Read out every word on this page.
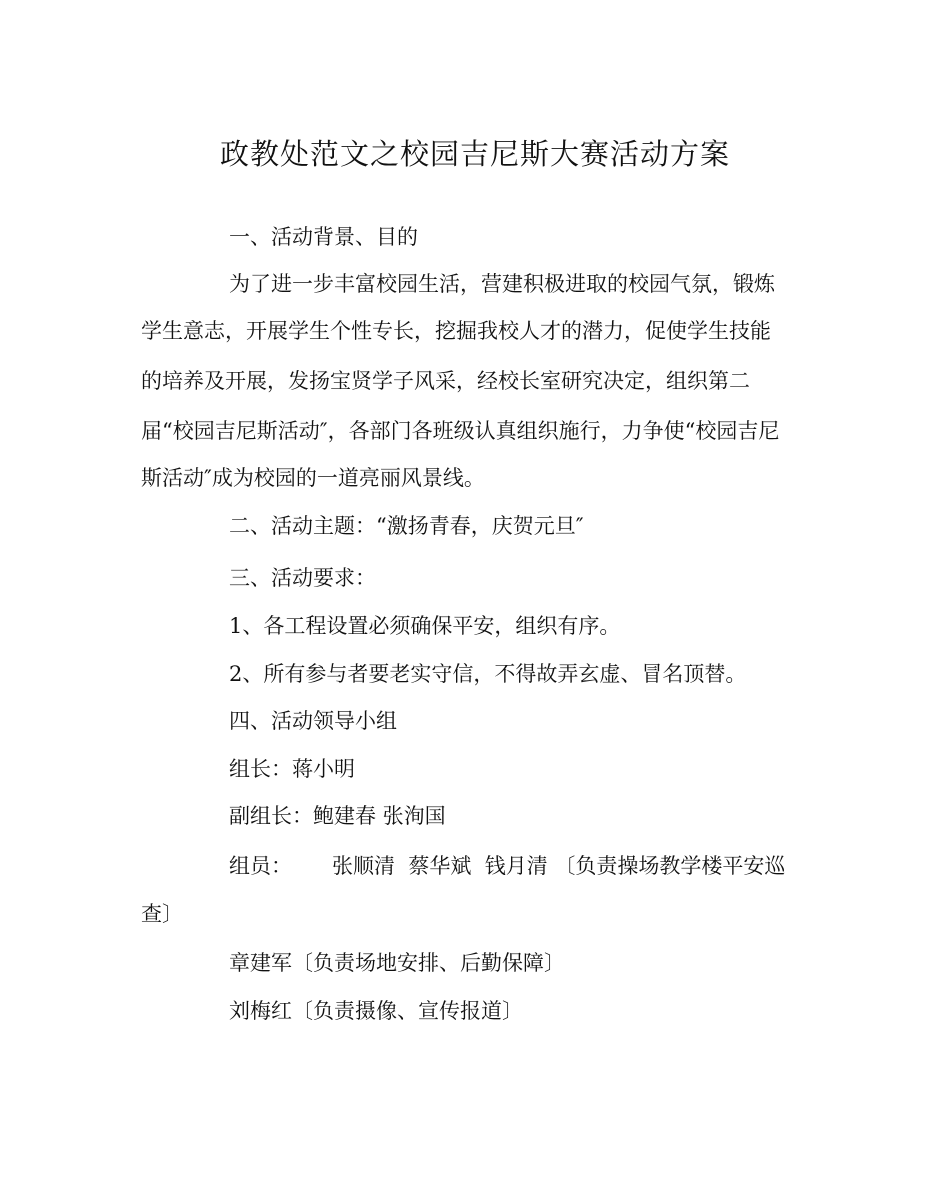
政教处范文之校园吉尼斯大赛活动方案
一、活动背景、目的
为了进一步丰富校园生活，营建积极进取的校园气氛，锻炼
学生意志，开展学生个性专长，挖掘我校人才的潜力，促使学生技能
的培养及开展，发扬宝贤学子风采，经校长室研究决定，组织第二
届“校园吉尼斯活动″，各部门各班级认真组织施行，力争使“校园吉尼
斯活动″成为校园的一道亮丽风景线。
二、活动主题：“激扬青春，庆贺元旦″
三、活动要求：
1、各工程设置必须确保平安，组织有序。
2、所有参与者要老实守信，不得故弄玄虚、冒名顶替。
四、活动领导小组
组长：蒋小明
副组长：鲍建春 张洵国
组员：      张顺清  蔡华斌  钱月清 〔负责操场教学楼平安巡
查〕
章建军〔负责场地安排、后勤保障〕
刘梅红〔负责摄像、宣传报道〕
